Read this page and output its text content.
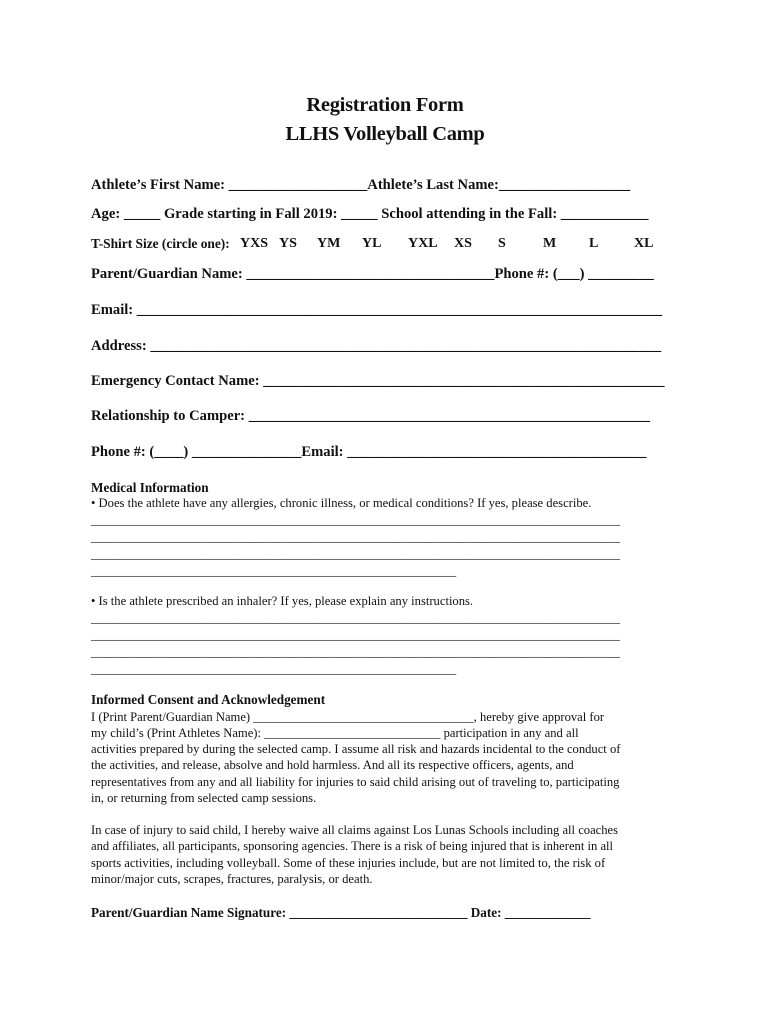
Registration Form
LLHS Volleyball Camp
Athlete’s First Name: ___________________Athlete’s Last Name:__________________
Age: _____ Grade starting in Fall 2019: _____ School attending in the Fall: ____________
T-Shirt Size (circle one): YXS YS YM YL YXL XS S	M L	XL
Parent/Guardian Name: __________________________________Phone #: (___) _________
Email: ________________________________________________________________________
Address: ______________________________________________________________________
Emergency Contact Name: _______________________________________________________
Relationship to Camper: _______________________________________________________
Phone #: (____) _______________Email: _________________________________________
Medical Information
• Does the athlete have any allergies, chronic illness, or medical conditions? If yes, please describe.
____________________________________________________________________________________
____________________________________________________________________________________
____________________________________________________________________________________
__________________________________________________________
• Is the athlete prescribed an inhaler? If yes, please explain any instructions.
____________________________________________________________________________________
____________________________________________________________________________________
____________________________________________________________________________________
__________________________________________________________
Informed Consent and Acknowledgement
I (Print Parent/Guardian Name) ___________________________________, hereby give approval for
my child’s (Print Athletes Name): ____________________________ participation in any and all
activities prepared by during the selected camp. I assume all risk and hazards incidental to the conduct of
the activities, and release, absolve and hold harmless. And all its respective officers, agents, and
representatives from any and all liability for injuries to said child arising out of traveling to, participating
in, or returning from selected camp sessions.
In case of injury to said child, I hereby waive all claims against Los Lunas Schools including all coaches
and affiliates, all participants, sponsoring agencies. There is a risk of being injured that is inherent in all
sports activities, including volleyball. Some of these injuries include, but are not limited to, the risk of
minor/major cuts, scrapes, fractures, paralysis, or death.
Parent/Guardian Name Signature: ___________________________ Date: _____________
